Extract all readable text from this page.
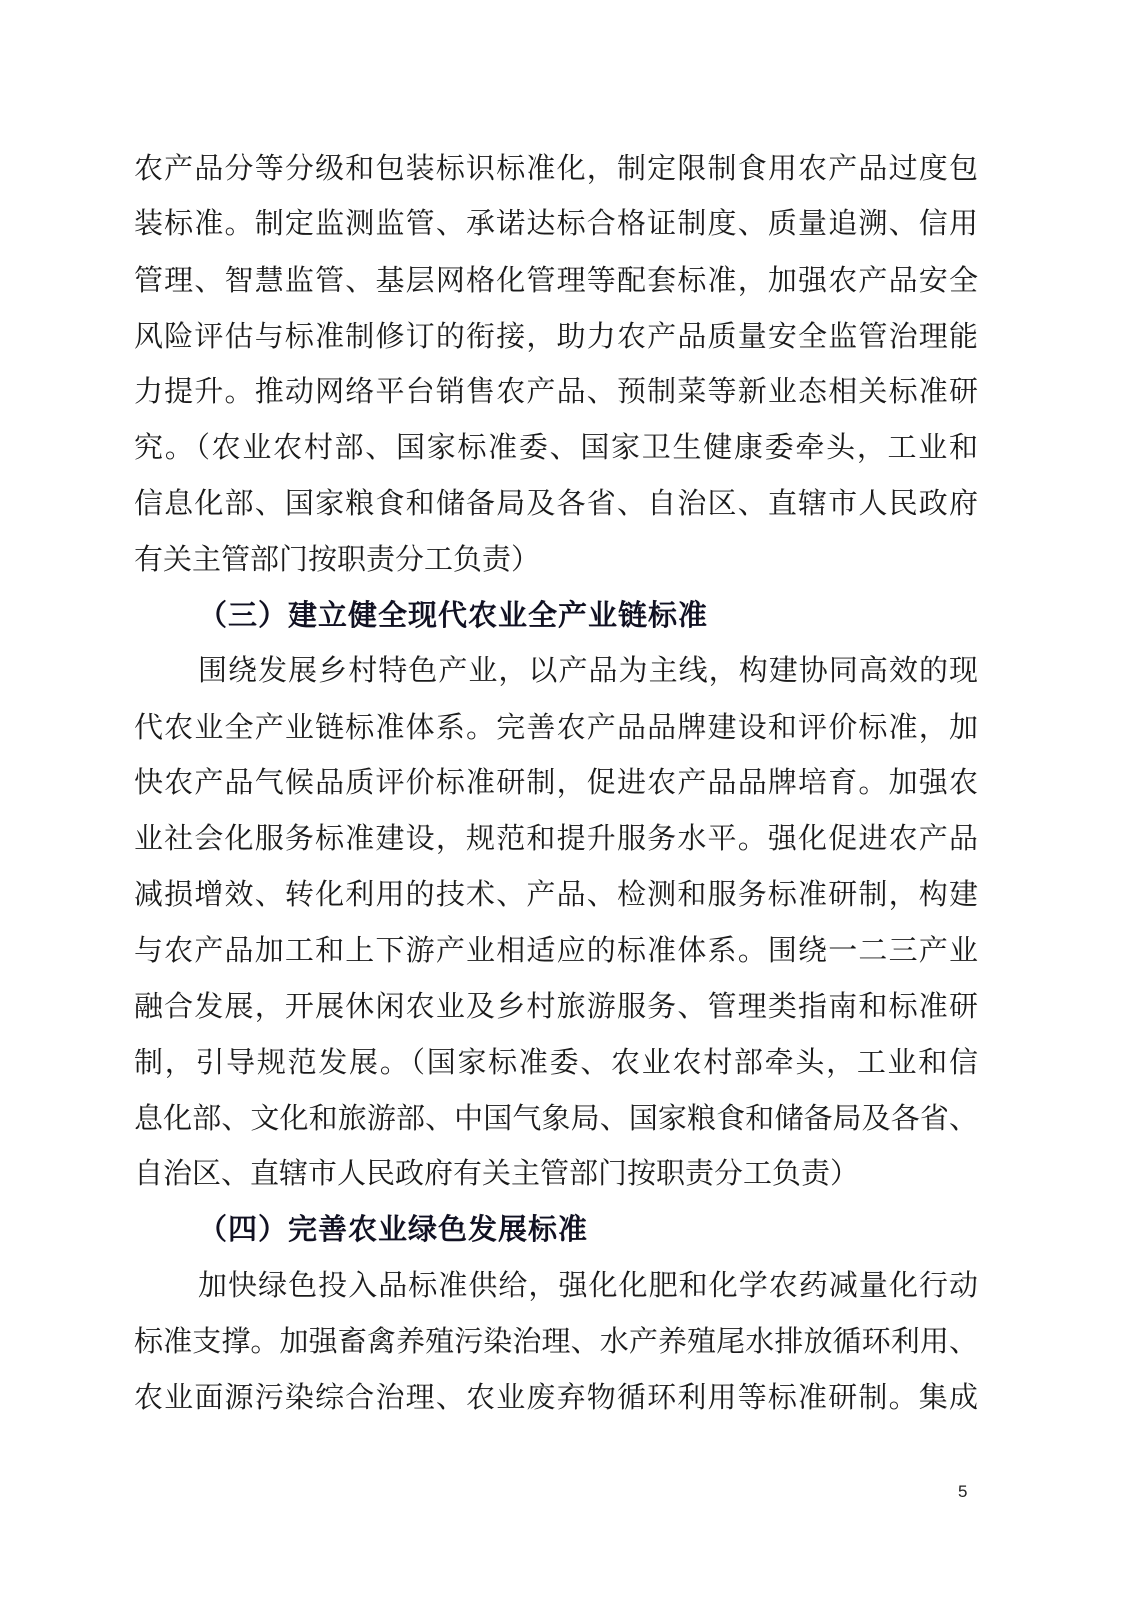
农产品分等分级和包装标识标准化，制定限制食用农产品过度包
装标准。制定监测监管、承诺达标合格证制度、质量追溯、信用
管理、智慧监管、基层网格化管理等配套标准，加强农产品安全
风险评估与标准制修订的衔接，助力农产品质量安全监管治理能
力提升。推动网络平台销售农产品、预制菜等新业态相关标准研
究。（农业农村部、国家标准委、国家卫生健康委牵头，工业和
信息化部、国家粮食和储备局及各省、自治区、直辖市人民政府
有关主管部门按职责分工负责）
（三）建立健全现代农业全产业链标准
围绕发展乡村特色产业，以产品为主线，构建协同高效的现
代农业全产业链标准体系。完善农产品品牌建设和评价标准，加
快农产品气候品质评价标准研制，促进农产品品牌培育。加强农
业社会化服务标准建设，规范和提升服务水平。强化促进农产品
减损增效、转化利用的技术、产品、检测和服务标准研制，构建
与农产品加工和上下游产业相适应的标准体系。围绕一二三产业
融合发展，开展休闲农业及乡村旅游服务、管理类指南和标准研
制，引导规范发展。（国家标准委、农业农村部牵头，工业和信
息化部、文化和旅游部、中国气象局、国家粮食和储备局及各省、
自治区、直辖市人民政府有关主管部门按职责分工负责）
（四）完善农业绿色发展标准
加快绿色投入品标准供给，强化化肥和化学农药减量化行动
标准支撑。加强畜禽养殖污染治理、水产养殖尾水排放循环利用、
农业面源污染综合治理、农业废弃物循环利用等标准研制。集成
5
